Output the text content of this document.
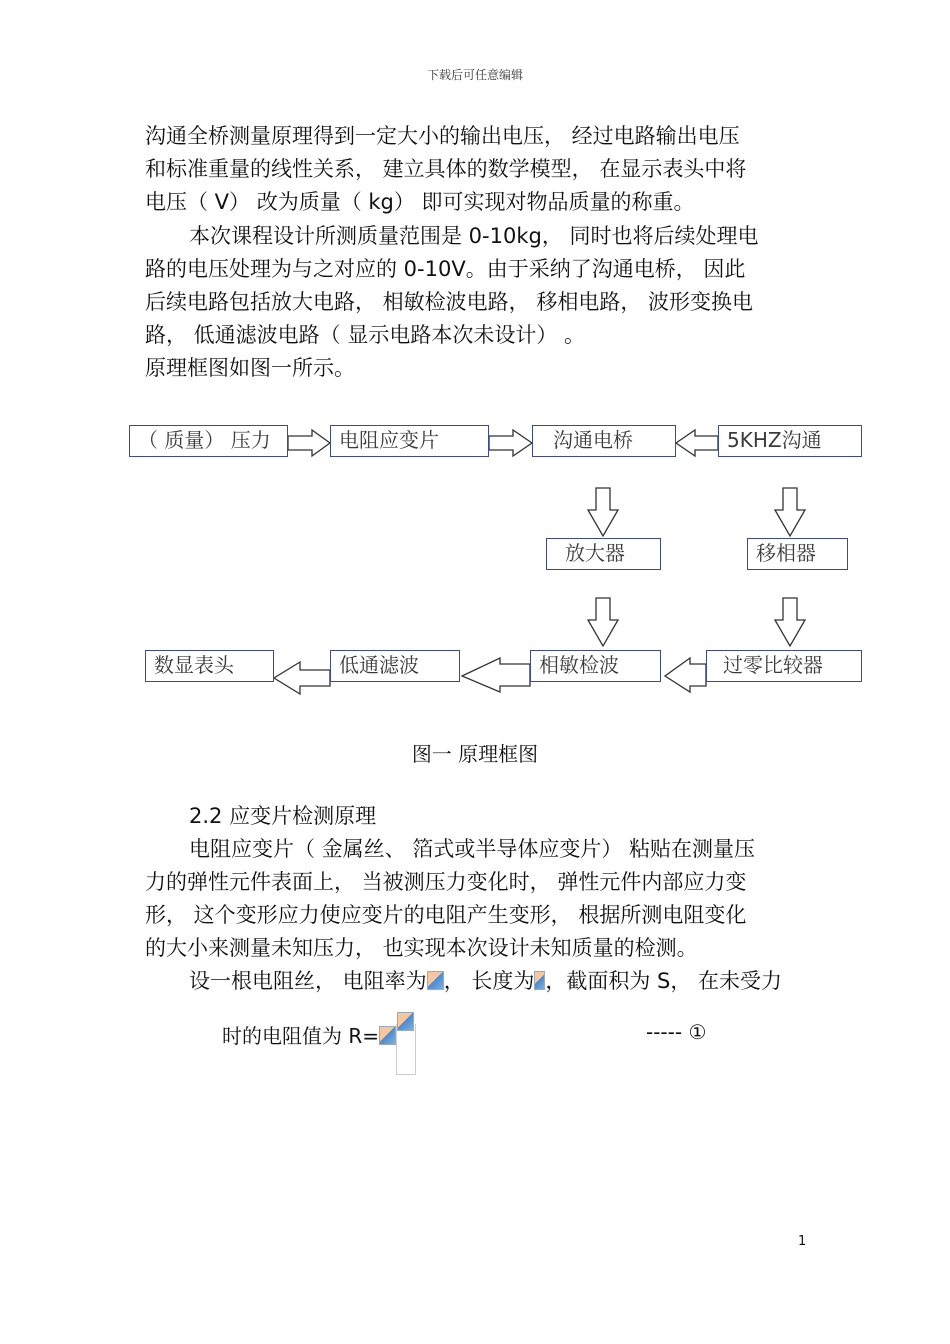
下载后可任意编辑
沟通全桥测量原理得到一定大小的输出电压， 经过电路输出电压
和标准重量的线性关系， 建立具体的数学模型， 在显示表头中将
电压（ V） 改为质量（ kg） 即可实现对物品质量的称重。
本次课程设计所测质量范围是 0-10kg， 同时也将后续处理电
路的电压处理为与之对应的 0-10V。由于采纳了沟通电桥， 因此
后续电路包括放大电路， 相敏检波电路， 移相电路， 波形变换电
路， 低通滤波电路（ 显示电路本次未设计） 。
原理框图如图一所示。
（ 质量） 压力	电阻应变片	沟通电桥	5KHZ沟通
放大器	移相器
数显表头	低通滤波	相敏检波	过零比较器
图一 原理框图
2.2 应变片检测原理
电阻应变片（ 金属丝、 箔式或半导体应变片） 粘贴在测量压
力的弹性元件表面上， 当被测压力变化时， 弹性元件内部应力变
形， 这个变形应力使应变片的电阻产生变形， 根据所测电阻变化
的大小来测量未知压力， 也实现本次设计未知质量的检测。
设一根电阻丝， 电阻率为 ， 长度为 ，截面积为 S， 在未受力
时的电阻值为 R=	----- ①
1
